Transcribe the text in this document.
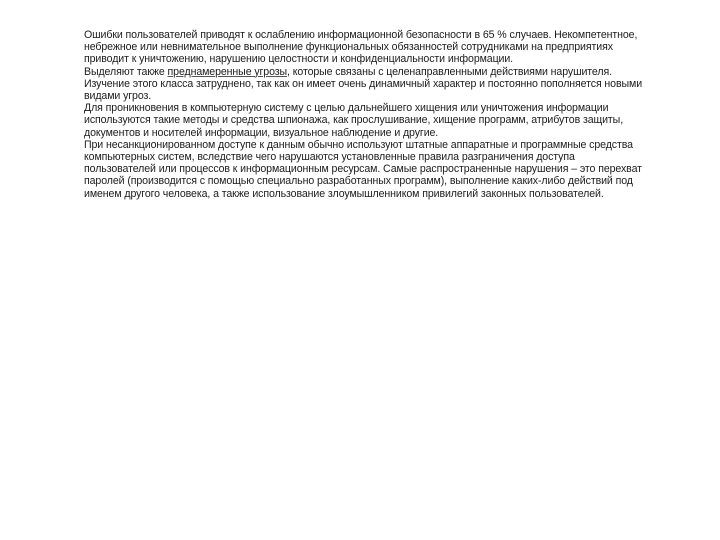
Ошибки пользователей приводят к ослаблению информационной безопасности в 65 % случаев. Некомпетентное, небрежное или невнимательное выполнение функциональных обязанностей сотрудниками на предприятиях приводит к уничтожению, нарушению целостности и конфиденциальности информации.

Выделяют также преднамеренные угрозы, которые связаны с целенаправленными действиями нарушителя. Изучение этого класса затруднено, так как он имеет очень динамичный характер и постоянно пополняется новыми видами угроз.

Для проникновения в компьютерную систему с целью дальнейшего хищения или уничтожения информации используются такие методы и средства шпионажа, как прослушивание, хищение программ, атрибутов защиты, документов и носителей информации, визуальное наблюдение и другие.

При несанкционированном доступе к данным обычно используют штатные аппаратные и программные средства компьютерных систем, вследствие чего нарушаются установленные правила разграничения доступа пользователей или процессов к информационным ресурсам. Самые распространенные нарушения – это перехват паролей (производится с помощью специально разработанных программ), выполнение каких-либо действий под именем другого человека, а также использование злоумышленником привилегий законных пользователей.
